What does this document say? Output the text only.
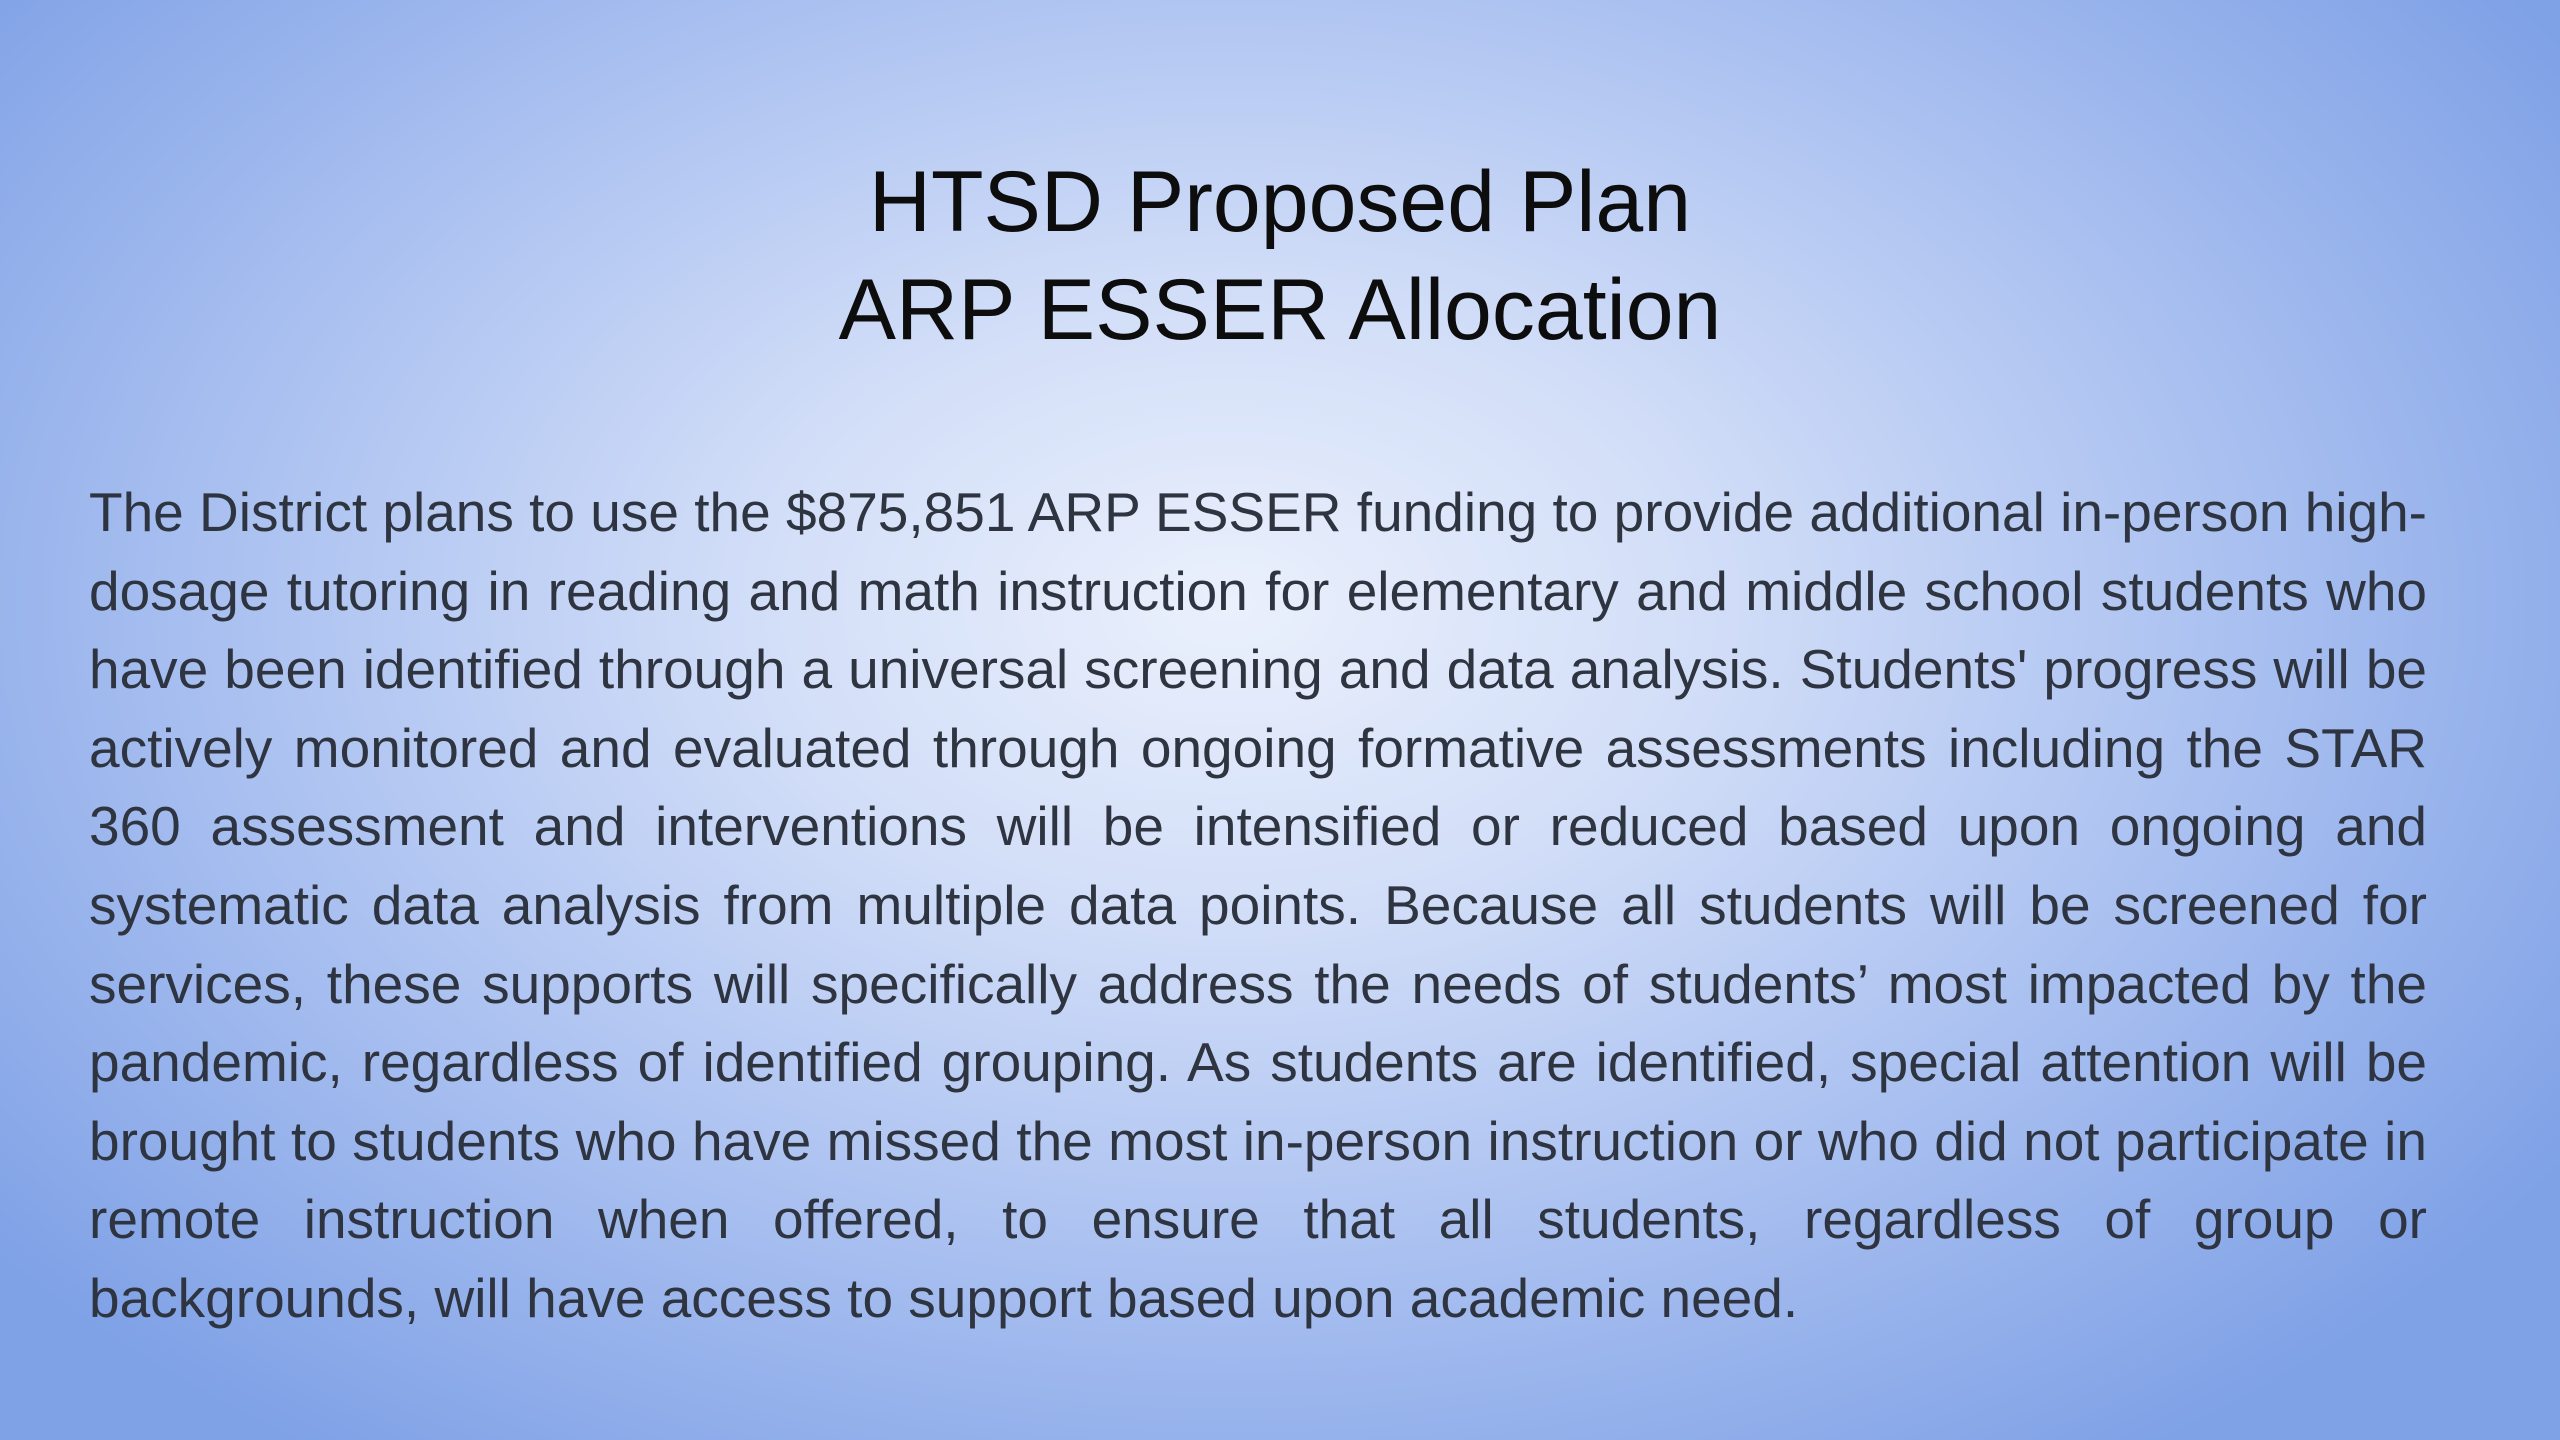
HTSD Proposed Plan
ARP ESSER Allocation

The District plans to use the $875,851 ARP ESSER funding to provide additional in-person high-dosage tutoring in reading and math instruction for elementary and middle school students who have been identified through a universal screening and data analysis. Students' progress will be actively monitored and evaluated through ongoing formative assessments including the STAR 360 assessment and interventions will be intensified or reduced based upon ongoing and systematic data analysis from multiple data points. Because all students will be screened for services, these supports will specifically address the needs of students’ most impacted by the pandemic, regardless of identified grouping. As students are identified, special attention will be brought to students who have missed the most in-person instruction or who did not participate in remote instruction when offered, to ensure that all students, regardless of group or backgrounds, will have access to support based upon academic need.
